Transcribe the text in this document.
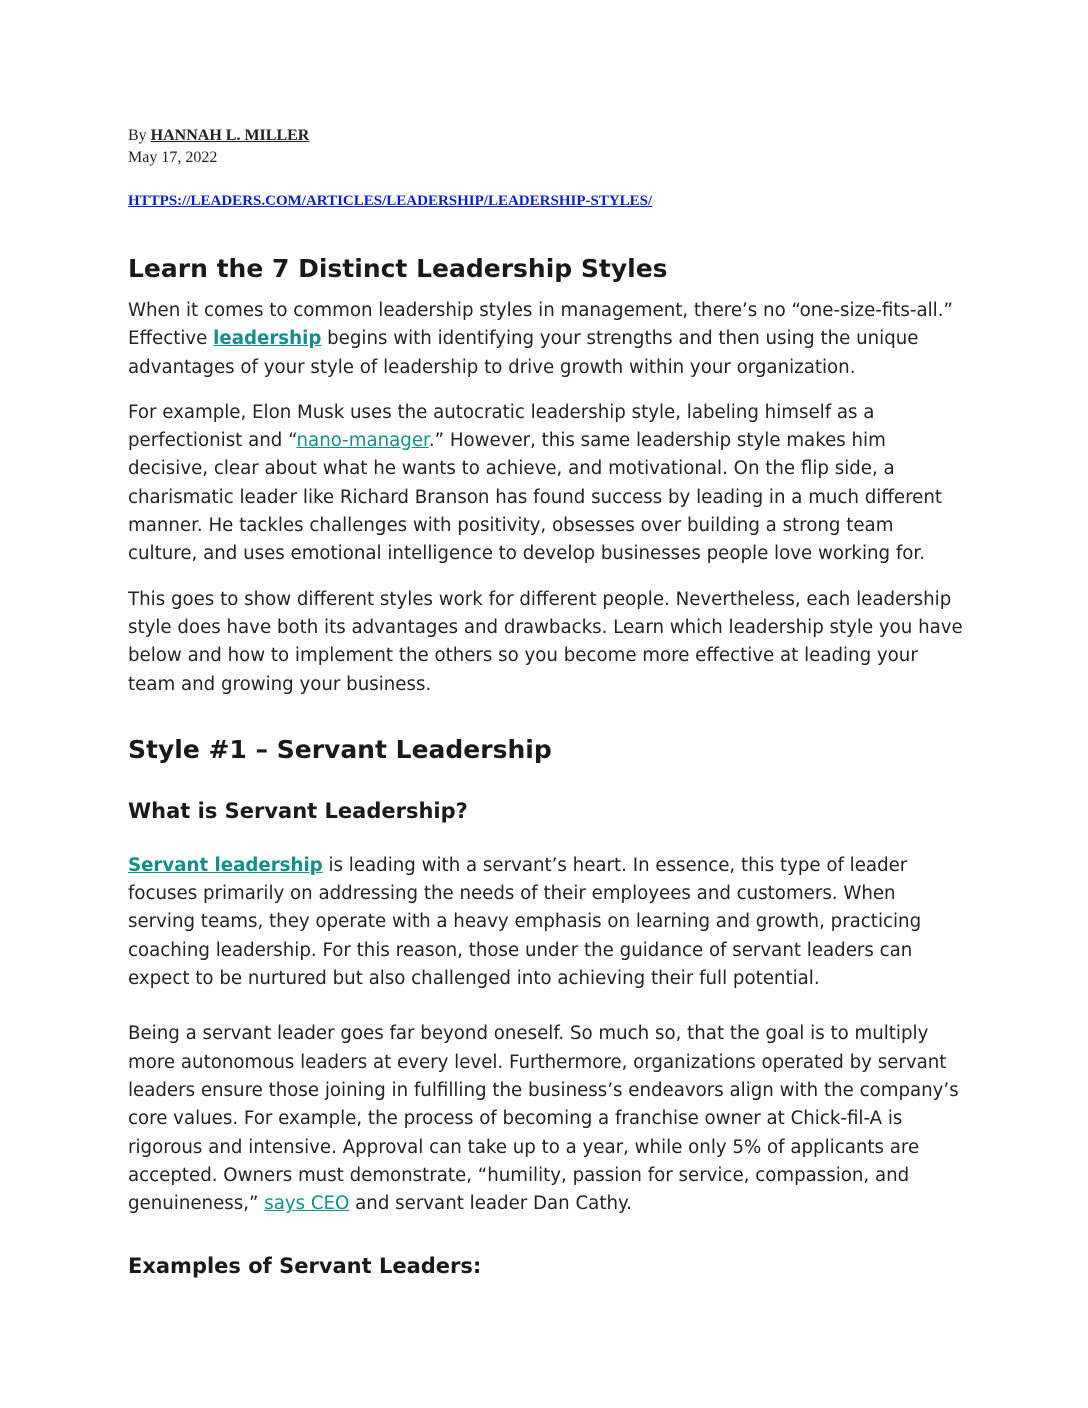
By HANNAH L. MILLER
May 17, 2022
HTTPS://LEADERS.COM/ARTICLES/LEADERSHIP/LEADERSHIP-STYLES/
Learn the 7 Distinct Leadership Styles

When it comes to common leadership styles in management, there’s no “one-size-fits-all.” Effective leadership begins with identifying your strengths and then using the unique advantages of your style of leadership to drive growth within your organization.

For example, Elon Musk uses the autocratic leadership style, labeling himself as a perfectionist and “nano-manager.” However, this same leadership style makes him decisive, clear about what he wants to achieve, and motivational. On the flip side, a charismatic leader like Richard Branson has found success by leading in a much different manner. He tackles challenges with positivity, obsesses over building a strong team culture, and uses emotional intelligence to develop businesses people love working for.

This goes to show different styles work for different people. Nevertheless, each leadership style does have both its advantages and drawbacks. Learn which leadership style you have below and how to implement the others so you become more effective at leading your team and growing your business.

Style #1 – Servant Leadership
What is Servant Leadership?

Servant leadership is leading with a servant’s heart. In essence, this type of leader focuses primarily on addressing the needs of their employees and customers. When serving teams, they operate with a heavy emphasis on learning and growth, practicing coaching leadership. For this reason, those under the guidance of servant leaders can expect to be nurtured but also challenged into achieving their full potential.

Being a servant leader goes far beyond oneself. So much so, that the goal is to multiply more autonomous leaders at every level. Furthermore, organizations operated by servant leaders ensure those joining in fulfilling the business’s endeavors align with the company’s core values. For example, the process of becoming a franchise owner at Chick-fil-A is rigorous and intensive. Approval can take up to a year, while only 5% of applicants are accepted. Owners must demonstrate, “humility, passion for service, compassion, and genuineness,” says CEO and servant leader Dan Cathy.

Examples of Servant Leaders:
